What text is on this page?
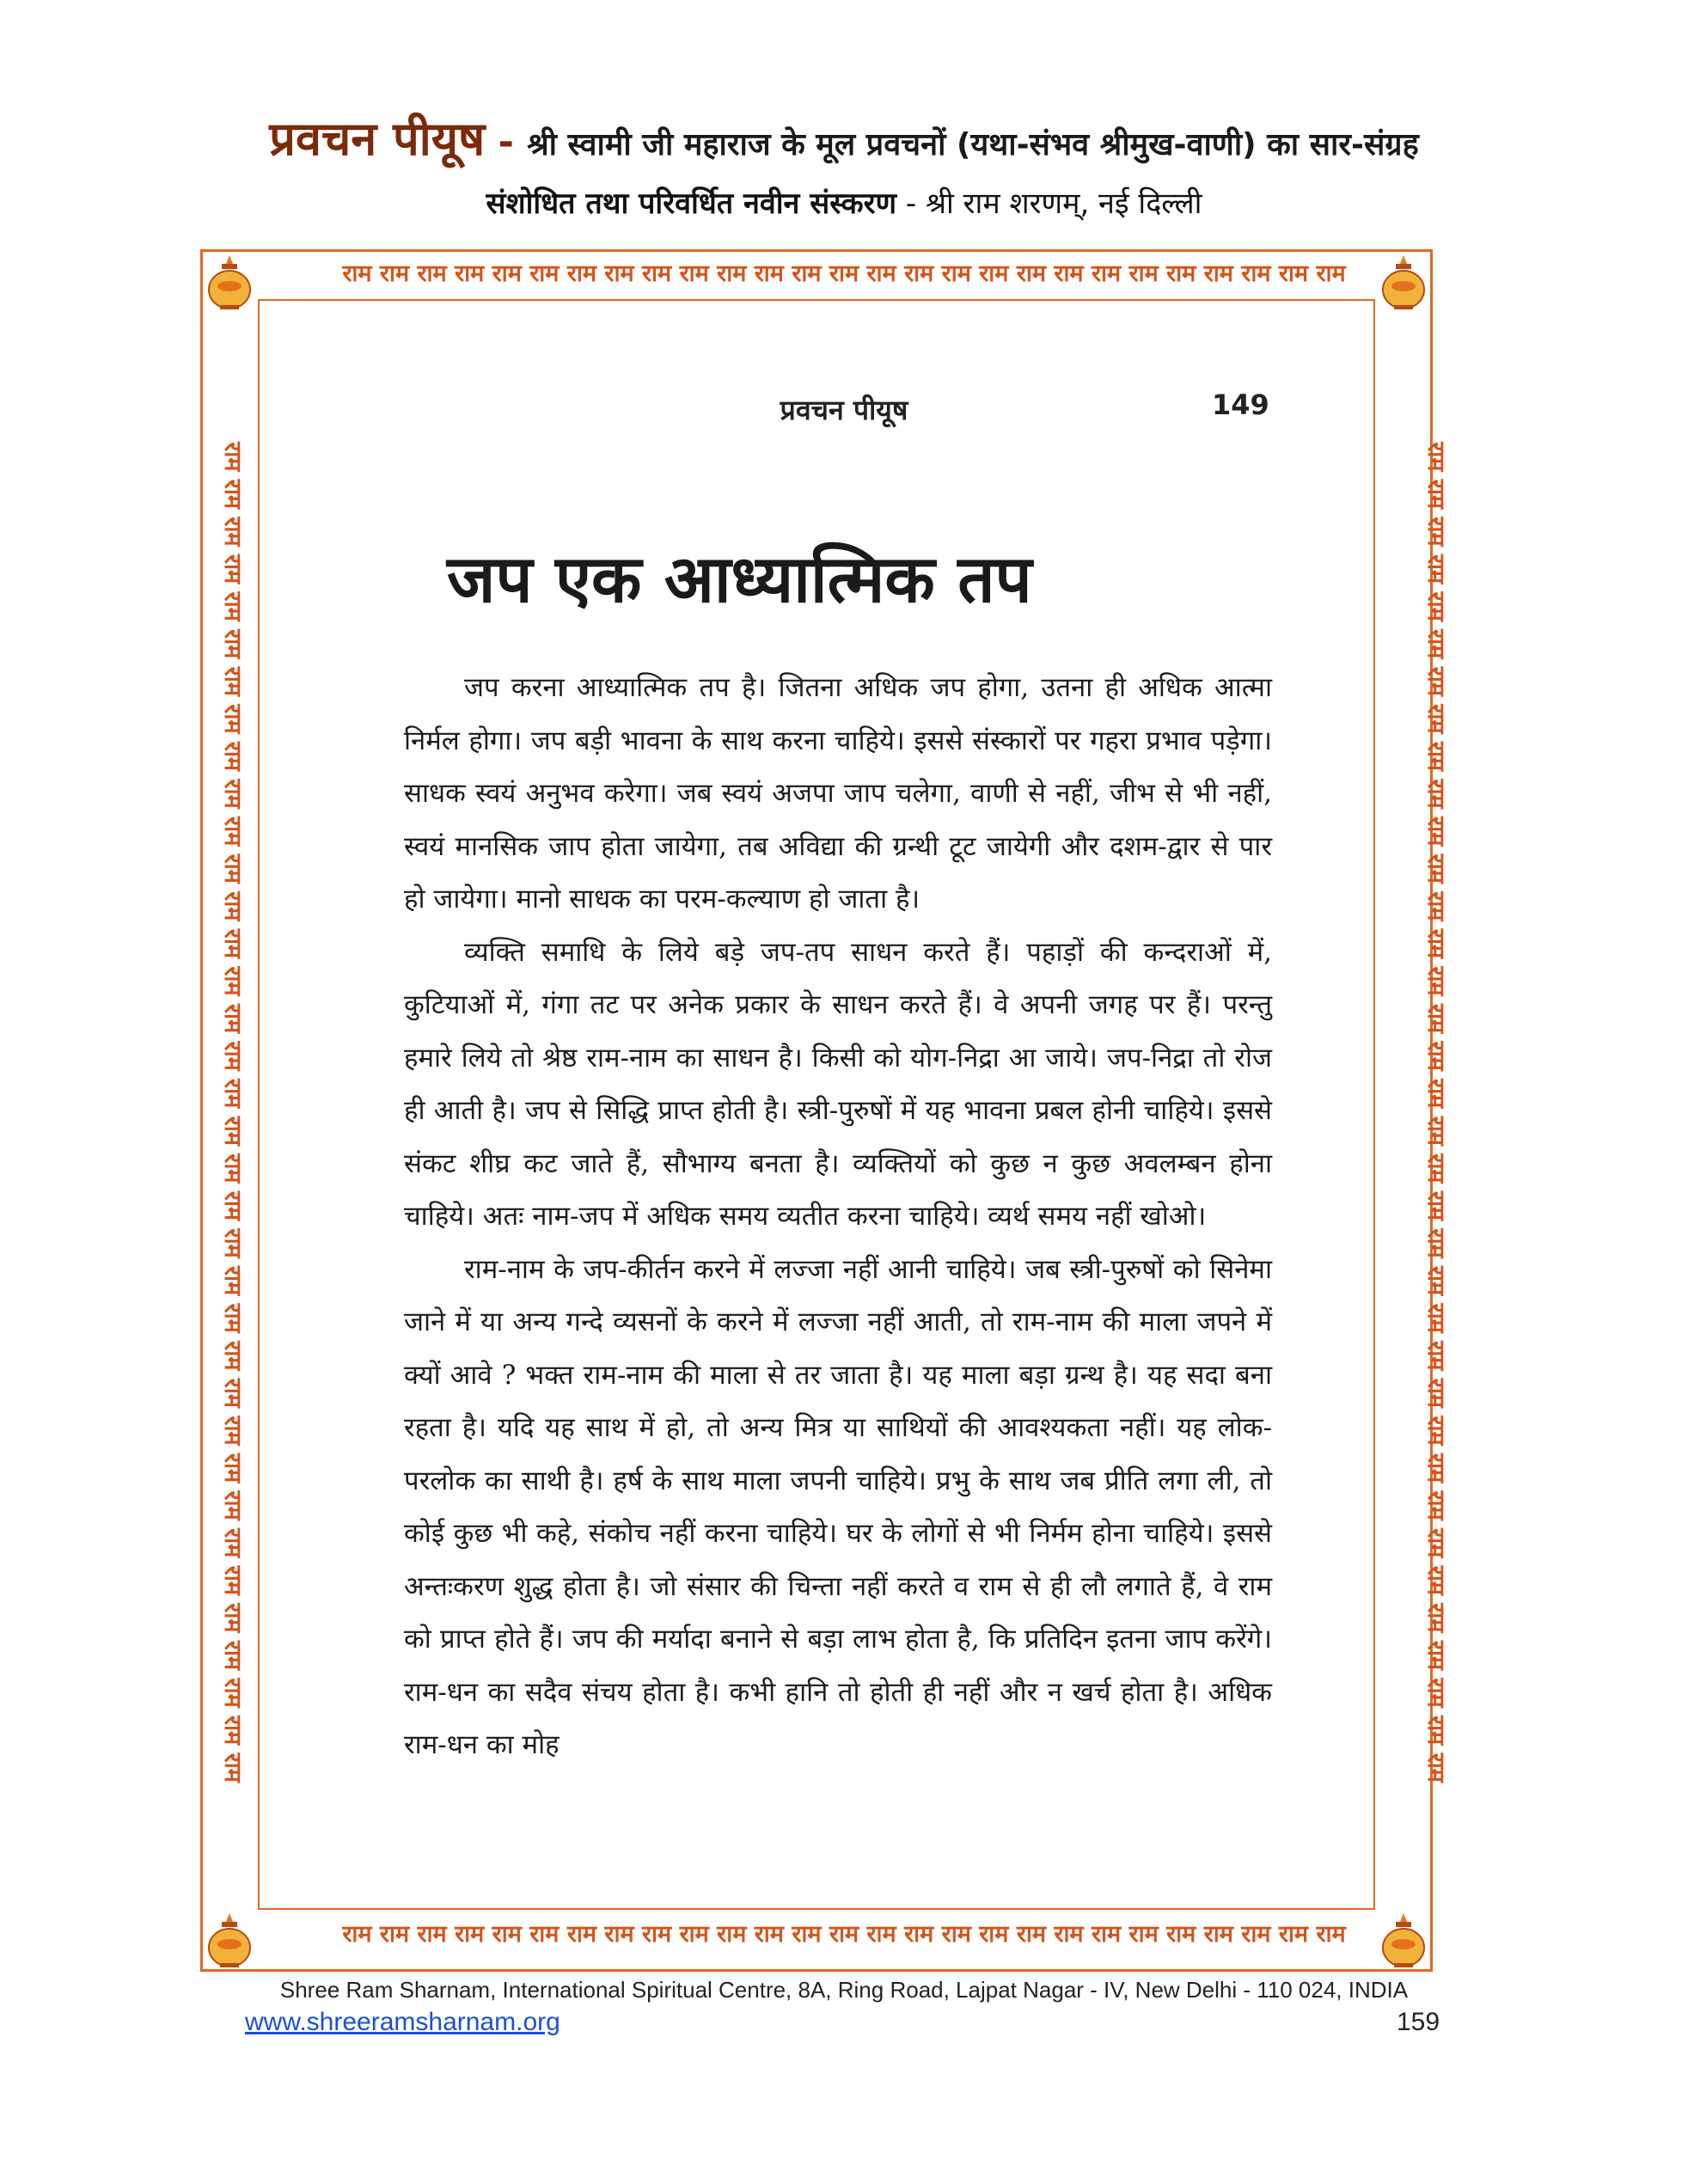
प्रवचन पीयूष - श्री स्वामी जी महाराज के मूल प्रवचनों (यथा-संभव श्रीमुख-वाणी) का सार-संग्रह
संशोधित तथा परिवर्धित नवीन संस्करण - श्री राम शरणम्, नई दिल्ली
राम राम राम राम राम राम राम राम राम राम राम राम राम राम राम राम राम राम राम राम राम राम राम राम राम राम राम
राम राम राम राम राम राम राम राम राम राम राम राम राम राम राम राम राम राम राम राम राम राम राम राम राम राम राम
राम राम राम राम राम राम राम राम राम राम राम राम राम राम राम राम राम राम राम राम राम राम राम राम राम राम राम राम राम राम राम राम राम राम राम राम	राम राम राम राम राम राम राम राम राम राम राम राम राम राम राम राम राम राम राम राम राम राम राम राम राम राम राम राम राम राम राम राम राम राम राम राम
प्रवचन पीयूष	149
जप एक आध्यात्मिक तप

जप करना आध्यात्मिक तप है। जितना अधिक जप होगा, उतना ही अधिक आत्मा निर्मल होगा। जप बड़ी भावना के साथ करना चाहिये। इससे संस्कारों पर गहरा प्रभाव पड़ेगा। साधक स्वयं अनुभव करेगा। जब स्वयं अजपा जाप चलेगा, वाणी से नहीं, जीभ से भी नहीं, स्वयं मानसिक जाप होता जायेगा, तब अविद्या की ग्रन्थी टूट जायेगी और दशम-द्वार से पार हो जायेगा। मानो साधक का परम-कल्याण हो जाता है।

व्यक्ति समाधि के लिये बड़े जप-तप साधन करते हैं। पहाड़ों की कन्दराओं में, कुटियाओं में, गंगा तट पर अनेक प्रकार के साधन करते हैं। वे अपनी जगह पर हैं। परन्तु हमारे लिये तो श्रेष्ठ राम-नाम का साधन है। किसी को योग-निद्रा आ जाये। जप-निद्रा तो रोज ही आती है। जप से सिद्धि प्राप्त होती है। स्त्री-पुरुषों में यह भावना प्रबल होनी चाहिये। इससे संकट शीघ्र कट जाते हैं, सौभाग्य बनता है। व्यक्तियों को कुछ न कुछ अवलम्बन होना चाहिये। अतः नाम-जप में अधिक समय व्यतीत करना चाहिये। व्यर्थ समय नहीं खोओ।

राम-नाम के जप-कीर्तन करने में लज्जा नहीं आनी चाहिये। जब स्त्री-पुरुषों को सिनेमा जाने में या अन्य गन्दे व्यसनों के करने में लज्जा नहीं आती, तो राम-नाम की माला जपने में क्यों आवे ? भक्त राम-नाम की माला से तर जाता है। यह माला बड़ा ग्रन्थ है। यह सदा बना रहता है। यदि यह साथ में हो, तो अन्य मित्र या साथियों की आवश्यकता नहीं। यह लोक-परलोक का साथी है। हर्ष के साथ माला जपनी चाहिये। प्रभु के साथ जब प्रीति लगा ली, तो कोई कुछ भी कहे, संकोच नहीं करना चाहिये। घर के लोगों से भी निर्मम होना चाहिये। इससे अन्तःकरण शुद्ध होता है। जो संसार की चिन्ता नहीं करते व राम से ही लौ लगाते हैं, वे राम को प्राप्त होते हैं। जप की मर्यादा बनाने से बड़ा लाभ होता है, कि प्रतिदिन इतना जाप करेंगे। राम-धन का सदैव संचय होता है। कभी हानि तो होती ही नहीं और न खर्च होता है। अधिक राम-धन का मोह

Shree Ram Sharnam, International Spiritual Centre, 8A, Ring Road, Lajpat Nagar - IV, New Delhi - 110 024, INDIA
www.shreeramsharnam.org	159
